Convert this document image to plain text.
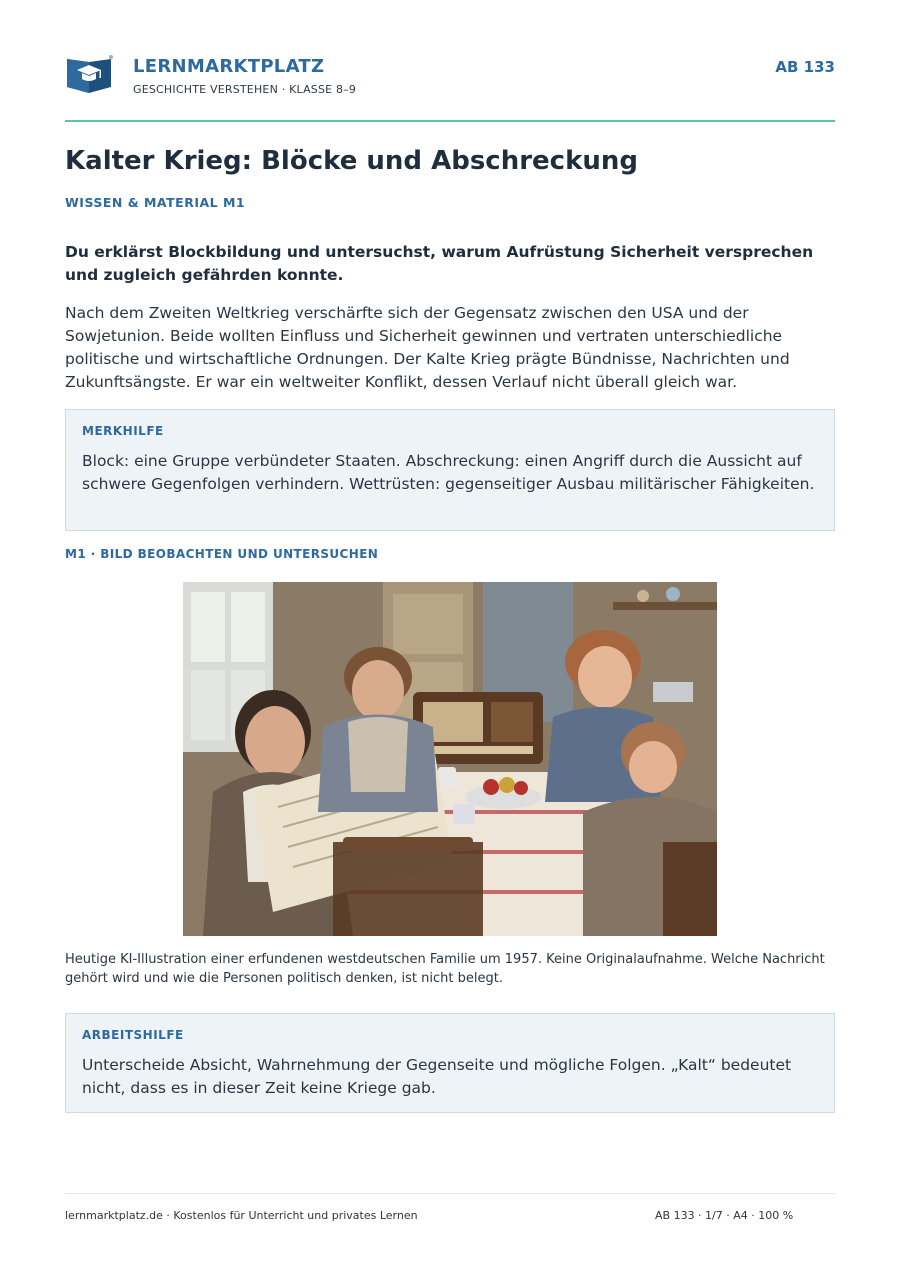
LERNMARKTPLATZ
GESCHICHTE VERSTEHEN · KLASSE 8–9
AB 133
Kalter Krieg: Blöcke und Abschreckung
WISSEN & MATERIAL M1

Du erklärst Blockbildung und untersuchst, warum Aufrüstung Sicherheit versprechen und zugleich gefährden konnte.

Nach dem Zweiten Weltkrieg verschärfte sich der Gegensatz zwischen den USA und der Sowjetunion. Beide wollten Einfluss und Sicherheit gewinnen und vertraten unterschiedliche politische und wirtschaftliche Ordnungen. Der Kalte Krieg prägte Bündnisse, Nachrichten und Zukunftsängste. Er war ein weltweiter Konflikt, dessen Verlauf nicht überall gleich war.

MERKHILFE

Block: eine Gruppe verbündeter Staaten. Abschreckung: einen Angriff durch die Aussicht auf schwere Gegenfolgen verhindern. Wettrüsten: gegenseitiger Ausbau militärischer Fähigkeiten.

M1 · BILD BEOBACHTEN UND UNTERSUCHEN

Heutige KI-Illustration einer erfundenen westdeutschen Familie um 1957. Keine Originalaufnahme. Welche Nachricht gehört wird und wie die Personen politisch denken, ist nicht belegt.

ARBEITSHILFE

Unterscheide Absicht, Wahrnehmung der Gegenseite und mögliche Folgen. „Kalt“ bedeutet nicht, dass es in dieser Zeit keine Kriege gab.

lernmarktplatz.de · Kostenlos für Unterricht und privates Lernen	AB 133 · 1/7 · A4 · 100 %
